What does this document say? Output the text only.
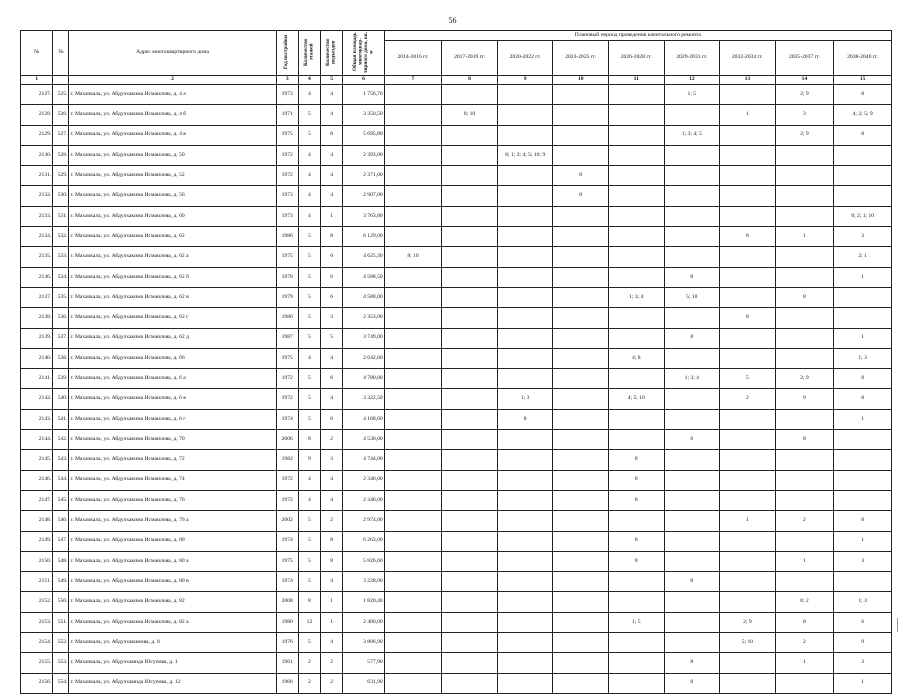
56
№	№	Адрес многоквартирного дома	Год постройки	Количество этажей	Количество подъездов	Общая площадь многоквар-тирного дома, кв. м	Плановый период проведения капитального ремонта								
							2014-2016 гг.	2017-2019 гг.	2020-2022 гг.	2023-2025 гг.	2026-2028 гг.	2029-2031 гг.	2032-2034 гг.	2035-2037 гг.	2038-2040 гг.
1		2	3	4	5	6	7	8	9	10	11	12	13	14	15
2127.	525.	г. Махачкала, ул. Абдулхакима Исмаилова, д. 4 а	1973	4	4	1 756,70						1; 5		2; 9	8
2128.	526.	г. Махачкала, ул. Абдулхакима Исмаилова, д. 4 б	1971	5	4	3 350,50		8; 10					1	3	4; 2; 5; 9
2129.	527.	г. Махачкала, ул. Абдулхакима Исмаилова, д. 4 в	1975	5	8	5 695,80						1; 3; 4; 5		2; 9	8
2130.	528.	г. Махачкала, ул. Абдулхакима Исмаилова, д. 50	1972	4	4	2 393,00			8; 1; 3; 4; 5; 10; 9						
2131.	529.	г. Махачкала, ул. Абдулхакима Исмаилова, д. 52	1972	4	4	2 371,00				8					
2132.	530.	г. Махачкала, ул. Абдулхакима Исмаилова, д. 56	1973	4	4	2 907,00				8					
2133.	531.	г. Махачкала, ул. Абдулхакима Исмаилова, д. 60	1973	4	1	3 763,80									8; 2; 1; 10
2134.	532.	г. Махачкала, ул. Абдулхакима Исмаилова, д. 62	1986	5	8	6 129,00							8	1	3
2135.	533.	г. Махачкала, ул. Абдулхакима Исмаилова, д. 62 а	1975	5	6	4 625,30	8; 10								2; 1
2136.	534.	г. Махачкала, ул. Абдулхакима Исмаилова, д. 62 б	1978	5	6	4 588,50						8			1
2137.	535.	г. Махачкала, ул. Абдулхакима Исмаилова, д. 62 в	1979	5	6	4 588,00					1; 3; 4	5; 10		8	
2138.	536.	г. Махачкала, ул. Абдулхакима Исмаилова, д. 62 г	1986	5	3	2 353,00							8		
2139.	537.	г. Махачкала, ул. Абдулхакима Исмаилова, д. 62 д	1987	5	5	3 749,00						8			1
2140.	538.	г. Махачкала, ул. Абдулхакима Исмаилова, д. 66	1975	4	4	2 642,60					4; 8				1; 3
2141.	539.	г. Махачкала, ул. Абдулхакима Исмаилова, д. 6 а	1972	5	6	4 780,00						1; 3; 4	5	2; 9	8
2142.	540.	г. Махачкала, ул. Абдулхакима Исмаилова, д. 6 в	1972	5	4	3 322,50			1; 3		4; 5; 10		2	9	8
2143.	541.	г. Махачкала, ул. Абдулхакима Исмаилова, д. 6 г	1974	5	6	4 168,60			8						1
2144.	542.	г. Махачкала, ул. Абдулхакима Исмаилова, д. 70	2006	8	2	4 530,00						6		8	
2145.	543.	г. Махачкала, ул. Абдулхакима Исмаилова, д. 72	1982	9	3	4 744,00					8				
2146.	544.	г. Махачкала, ул. Абдулхакима Исмаилова, д. 74	1972	4	4	2 346,00					8				
2147.	545.	г. Махачкала, ул. Абдулхакима Исмаилова, д. 76	1972	4	4	2 346,00					8				
2148.	546.	г. Махачкала, ул. Абдулхакима Исмаилова, д. 76 а	2002	5	2	2 974,00							1	2	8
2149.	547.	г. Махачкала, ул. Абдулхакима Исмаилова, д. 80	1974	5	8	6 263,00					8				1
2150.	548.	г. Махачкала, ул. Абдулхакима Исмаилова, д. 80 а	1975	5	8	5 826,60					8			1	3
2151.	549.	г. Махачкала, ул. Абдулхакима Исмаилова, д. 80 в	1974	5	4	3 228,00						8			
2152.	550.	г. Махачкала, ул. Абдулхакима Исмаилова, д. 82	2008	8	1	1 820,40								8; 2	1; 3
2153.	551.	г. Махачкала, ул. Абдулхакима Исмаилова, д. 82 а	1980	12	1	2 480,00					1; 5		2; 9	8	6
2154.	552.	г. Махачкала, ул. Абдулхакимова, д. 8	1976	5	4	3 806,90							5; 10	2	9
2155.	553.	г. Махачкала, ул. Абдулхамида Юсупова, д. 1	1961	2	2	577,90						8		1	3
2156.	554.	г. Махачкала, ул. Абдулхамида Юсупова, д. 12	1966	2	2	631,90						8			1
